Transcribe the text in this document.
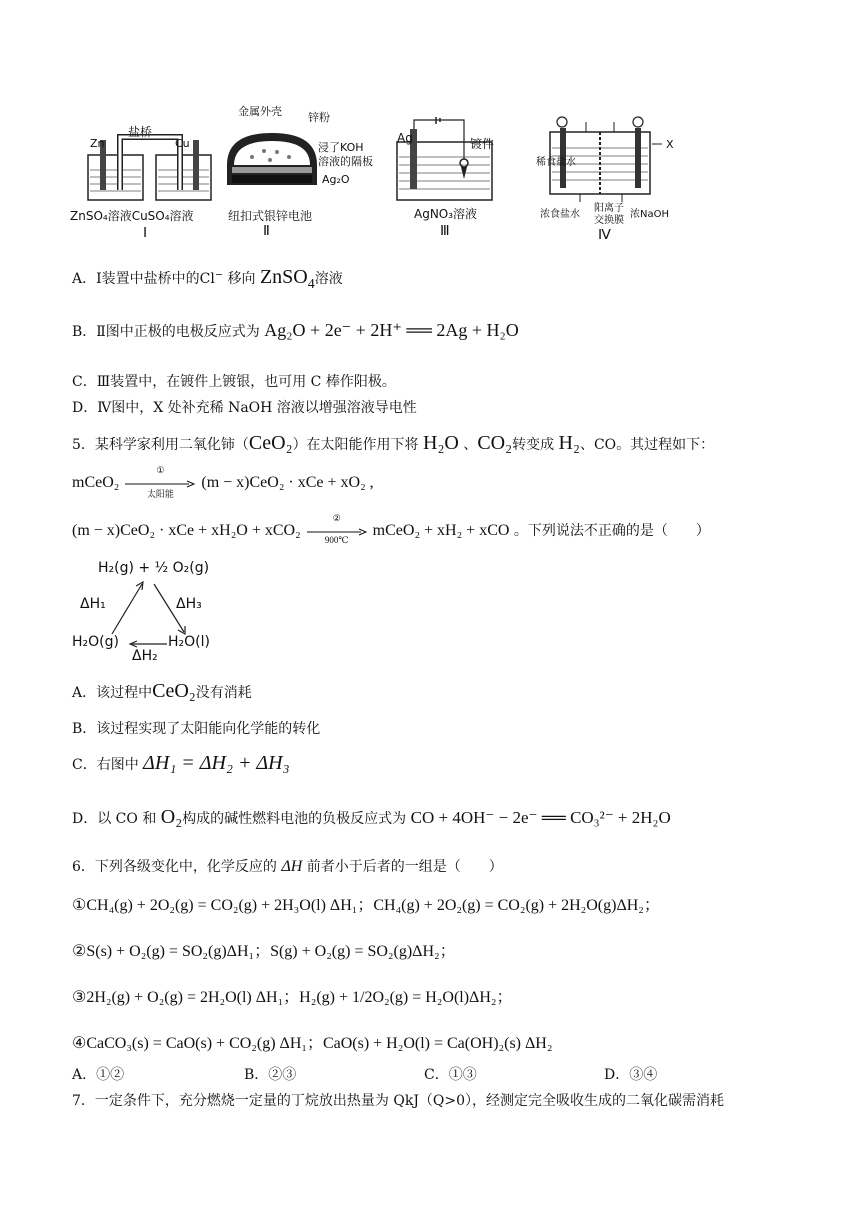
Zn
盐桥
Cu
ZnSO₄溶液CuSO₄溶液
Ⅰ
金属外壳 锌粉
浸了KOH
溶液的隔板
Ag₂O
纽扣式银锌电池
Ⅱ
Ag	镀件
AgNO₃溶液
Ⅲ
稀食盐水
X
浓食盐水
阳离子
交换膜
浓NaOH
Ⅳ
A．Ⅰ装置中盐桥中的Cl− 移向 ZnSO$_4$溶液
B．Ⅱ图中正极的电极反应式为 Ag₂O + 2e⁻ + 2H⁺ ══ 2Ag + H₂O
C．Ⅲ装置中，在镀件上镀银，也可用 C 棒作阳极。
D．Ⅳ图中，X 处补充稀 NaOH 溶液以增强溶液导电性
5．某科学家利用二氧化铈（CeO₂）在太阳能作用下将 H₂O 、CO₂转变成 H₂、CO。其过程如下：
mCeO₂
①
太阳能
(m − x)CeO₂ · xCe + xO₂ ,
(m − x)CeO₂ · xCe + xH₂O + xCO₂
②
900℃
mCeO₂ + xH₂ + xCO 。下列说法不正确的是（　　）
H₂(g) + ½ O₂(g)
ΔH₁	ΔH₃
H₂O(g)	H₂O(l)
ΔH₂
A．该过程中CeO₂没有消耗
B．该过程实现了太阳能向化学能的转化
C．右图中 ΔH₁ = ΔH₂ + ΔH₃
D．以 CO 和 O₂构成的碱性燃料电池的负极反应式为 CO + 4OH⁻ − 2e⁻ ══ CO₃²⁻ + 2H₂O
6．下列各级变化中，化学反应的 ΔH 前者小于后者的一组是（　　）
①CH₄(g) + 2O₂(g) = CO₂(g) + 2H₃O(l) ΔH₁；CH₄(g) + 2O₂(g) = CO₂(g) + 2H₂O(g)ΔH₂；
②S(s) + O₂(g) = SO₂(g)ΔH₁；S(g) + O₂(g) = SO₂(g)ΔH₂；
③2H₂(g) + O₂(g) = 2H₂O(l) ΔH₁；H₂(g) + 1/2O₂(g) = H₂O(l)ΔH₂；
④CaCO₃(s) = CaO(s) + CO₂(g) ΔH₁；CaO(s) + H₂O(l) = Ca(OH)₂(s) ΔH₂
A．①②	B．②③	C．①③	D．③④
7．一定条件下，充分燃烧一定量的丁烷放出热量为 QkJ（Q>0），经测定完全吸收生成的二氧化碳需消耗
